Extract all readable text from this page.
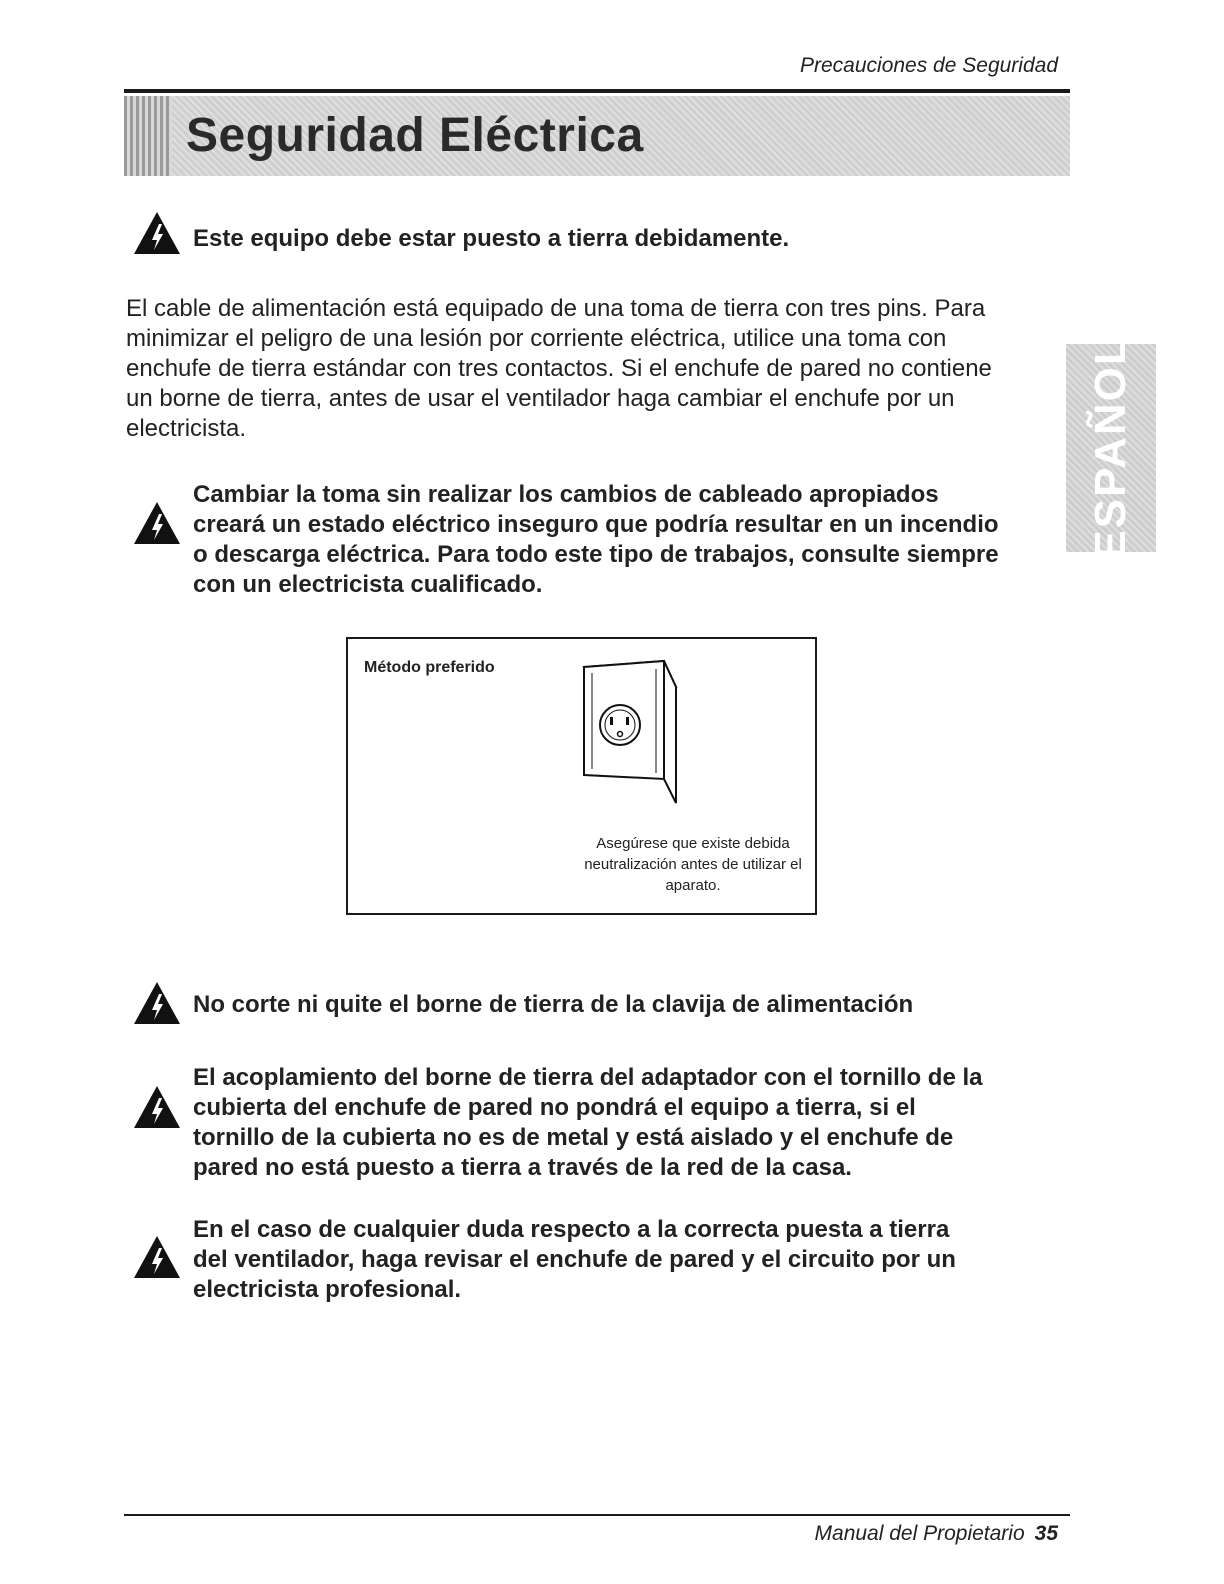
Precauciones de Seguridad
Seguridad Eléctrica
ESPAÑOL
Este equipo debe estar puesto a tierra debidamente.
El cable de alimentación está equipado de una toma de tierra con tres pins. Para
minimizar el peligro de una lesión por corriente eléctrica, utilice una toma con
enchufe de tierra estándar con tres contactos. Si el enchufe de pared no contiene
un borne de tierra, antes de usar el ventilador haga cambiar el enchufe por un
electricista.
Cambiar la toma sin realizar los cambios de cableado apropiados
creará un estado eléctrico inseguro que podría resultar en un incendio
o descarga eléctrica. Para todo este tipo de trabajos, consulte siempre
con un electricista cualificado.
Método preferido
Asegúrese que existe debida
neutralización antes de utilizar el
aparato.
No corte ni quite el borne de tierra de la clavija de alimentación
El acoplamiento del borne de tierra del adaptador con el tornillo de la
cubierta del enchufe de pared no pondrá el equipo a tierra, si el
tornillo de la cubierta no es de metal y está aislado y el enchufe de
pared no está puesto a tierra a través de la red de la casa.
En el caso de cualquier duda respecto a la correcta puesta a tierra
del ventilador, haga revisar el enchufe de pared y el circuito por un
electricista profesional.
Manual del Propietario 35
